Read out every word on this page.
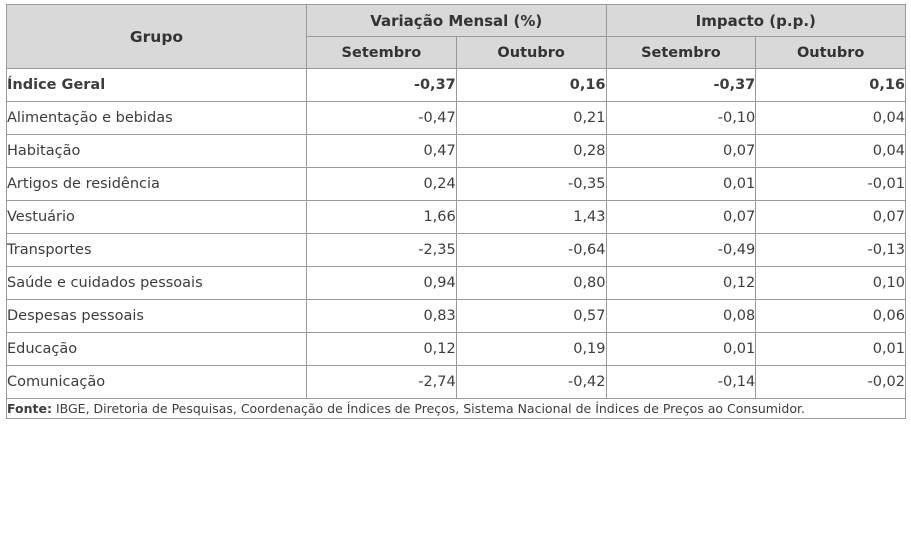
Grupo	Variação Mensal (%)		Impacto (p.p.)	
	Setembro	Outubro	Setembro	Outubro
Índice Geral	-0,37	0,16	-0,37	0,16
Alimentação e bebidas	-0,47	0,21	-0,10	0,04
Habitação	0,47	0,28	0,07	0,04
Artigos de residência	0,24	-0,35	0,01	-0,01
Vestuário	1,66	1,43	0,07	0,07
Transportes	-2,35	-0,64	-0,49	-0,13
Saúde e cuidados pessoais	0,94	0,80	0,12	0,10
Despesas pessoais	0,83	0,57	0,08	0,06
Educação	0,12	0,19	0,01	0,01
Comunicação	-2,74	-0,42	-0,14	-0,02
Fonte: IBGE, Diretoria de Pesquisas, Coordenação de Índices de Preços, Sistema Nacional de Índices de Preços ao Consumidor.				
